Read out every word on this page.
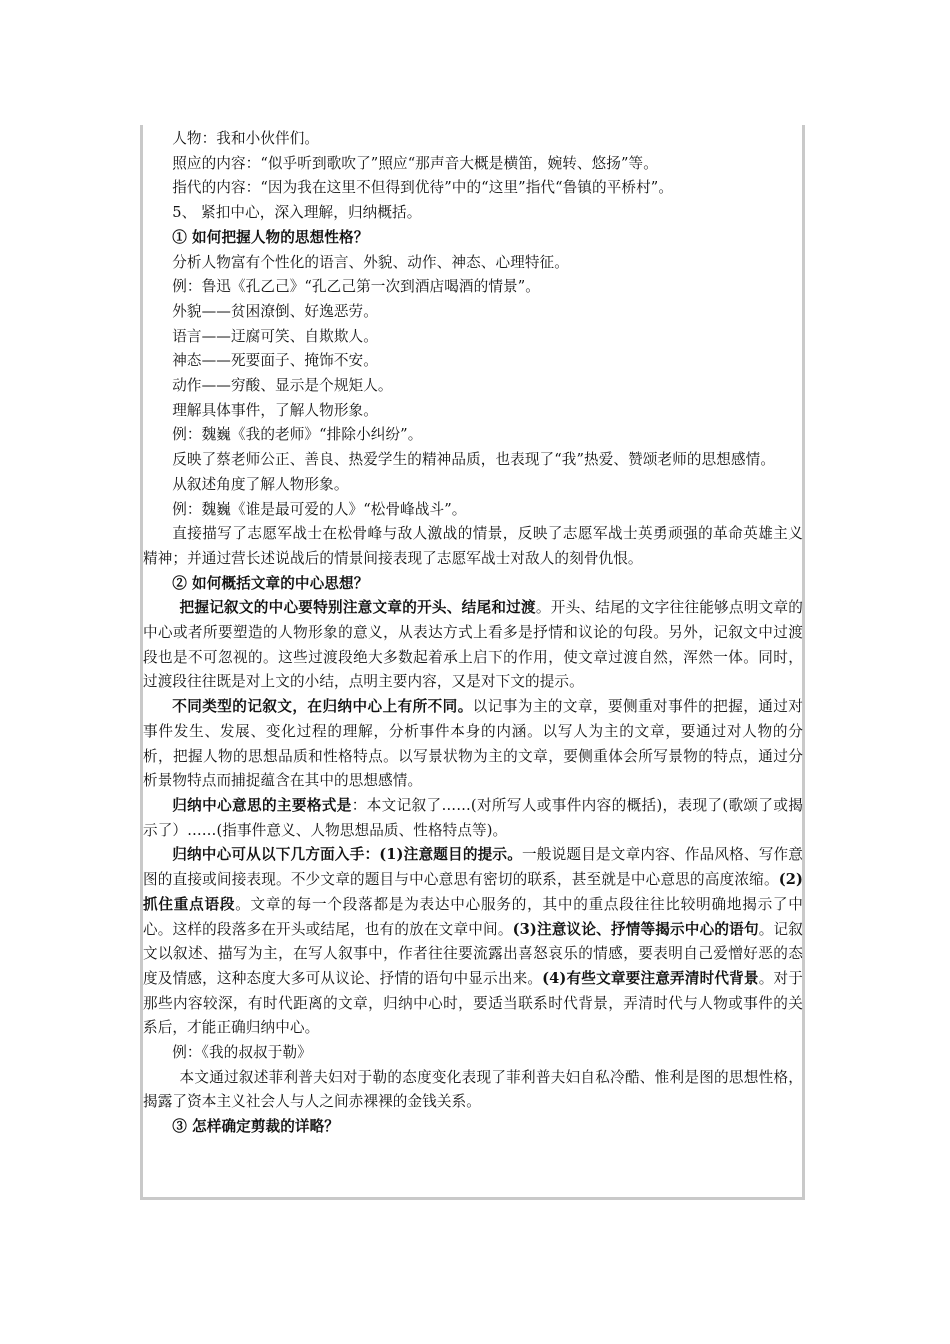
人物：我和小伙伴们。

照应的内容：“似乎听到歌吹了”照应“那声音大概是横笛，婉转、悠扬”等。

指代的内容：“因为我在这里不但得到优待”中的“这里”指代“鲁镇的平桥村”。

5、 紧扣中心，深入理解，归纳概括。

① 如何把握人物的思想性格？

分析人物富有个性化的语言、外貌、动作、神态、心理特征。

例：鲁迅《孔乙己》“孔乙己第一次到酒店喝酒的情景”。

外貌——贫困潦倒、好逸恶劳。

语言——迂腐可笑、自欺欺人。

神态——死要面子、掩饰不安。

动作——穷酸、显示是个规矩人。

理解具体事件，了解人物形象。

例：魏巍《我的老师》“排除小纠纷”。

反映了蔡老师公正、善良、热爱学生的精神品质，也表现了“我”热爱、赞颂老师的思想感情。

从叙述角度了解人物形象。

例：魏巍《谁是最可爱的人》“松骨峰战斗”。

直接描写了志愿军战士在松骨峰与敌人激战的情景，反映了志愿军战士英勇顽强的革命英雄主义精神；并通过营长述说战后的情景间接表现了志愿军战士对敌人的刻骨仇恨。

② 如何概括文章的中心思想？

把握记叙文的中心要特别注意文章的开头、结尾和过渡。开头、结尾的文字往往能够点明文章的中心或者所要塑造的人物形象的意义，从表达方式上看多是抒情和议论的句段。另外，记叙文中过渡段也是不可忽视的。这些过渡段绝大多数起着承上启下的作用，使文章过渡自然，浑然一体。同时，过渡段往往既是对上文的小结，点明主要内容，又是对下文的提示。

不同类型的记叙文，在归纳中心上有所不同。以记事为主的文章，要侧重对事件的把握，通过对事件发生、发展、变化过程的理解，分析事件本身的内涵。以写人为主的文章，要通过对人物的分析，把握人物的思想品质和性格特点。以写景状物为主的文章，要侧重体会所写景物的特点，通过分析景物特点而捕捉蕴含在其中的思想感情。

归纳中心意思的主要格式是：本文记叙了……(对所写人或事件内容的概括)，表现了(歌颂了或揭示了）……(指事件意义、人物思想品质、性格特点等)。

归纳中心可从以下几方面入手：(1)注意题目的提示。一般说题目是文章内容、作品风格、写作意图的直接或间接表现。不少文章的题目与中心意思有密切的联系，甚至就是中心意思的高度浓缩。(2)抓住重点语段。文章的每一个段落都是为表达中心服务的，其中的重点段往往比较明确地揭示了中心。这样的段落多在开头或结尾，也有的放在文章中间。(3)注意议论、抒情等揭示中心的语句。记叙文以叙述、描写为主，在写人叙事中，作者往往要流露出喜怒哀乐的情感，要表明自己爱憎好恶的态度及情感，这种态度大多可从议论、抒情的语句中显示出来。(4)有些文章要注意弄清时代背景。对于那些内容较深，有时代距离的文章，归纳中心时，要适当联系时代背景，弄清时代与人物或事件的关系后，才能正确归纳中心。

例：《我的叔叔于勒》

本文通过叙述菲利普夫妇对于勒的态度变化表现了菲利普夫妇自私冷酷、惟利是图的思想性格，揭露了资本主义社会人与人之间赤裸裸的金钱关系。

③ 怎样确定剪裁的详略？
